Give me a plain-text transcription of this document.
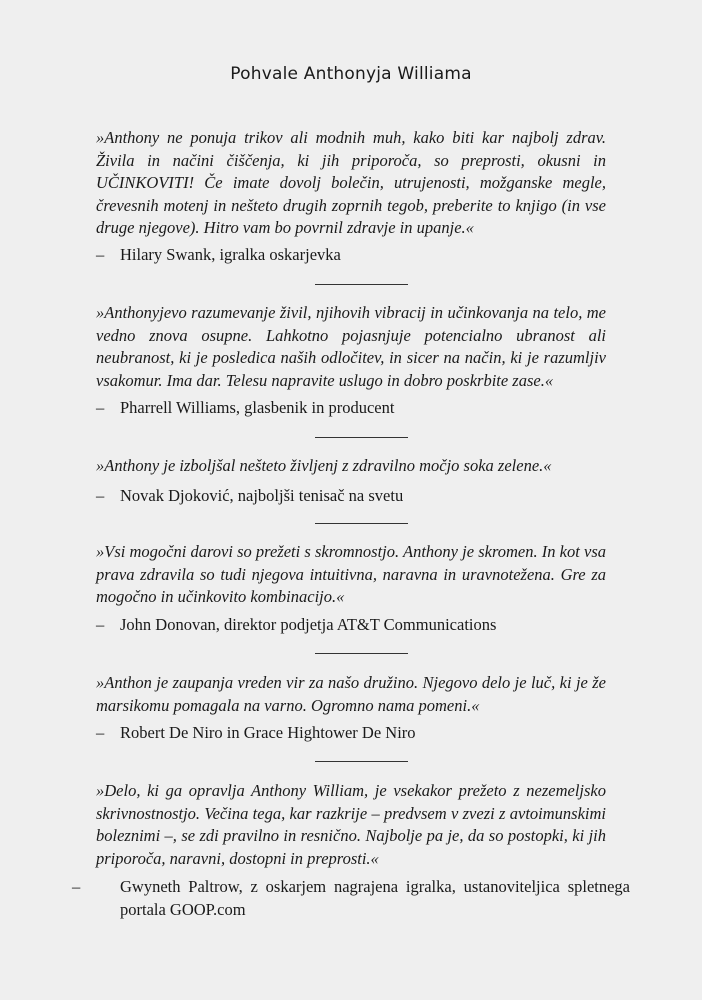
Pohvale Anthonyja Williama
»Anthony ne ponuja trikov ali modnih muh, kako biti kar najbolj zdrav. Živila in načini čiščenja, ki jih priporoča, so preprosti, okusni in UČINKOVITI! Če imate dovolj bolečin, utrujenosti, možganske megle, črevesnih motenj in nešteto drugih zoprnih tegob, preberite to knjigo (in vse druge njegove). Hitro vam bo povrnil zdravje in upanje.«
– Hilary Swank, igralka oskarjevka
»Anthonyjevo razumevanje živil, njihovih vibracij in učinkovanja na telo, me vedno znova osupne. Lahkotno pojasnjuje potencialno ubranost ali neubranost, ki je posledica naših odločitev, in sicer na način, ki je razumljiv vsakomur. Ima dar. Telesu napravite uslugo in dobro poskrbite zase.«
– Pharrell Williams, glasbenik in producent
»Anthony je izboljšal nešteto življenj z zdravilno močjo soka zelene.«
– Novak Djoković, najboljši tenisač na svetu
»Vsi mogočni darovi so prežeti s skromnostjo. Anthony je skromen. In kot vsa prava zdravila so tudi njegova intuitivna, naravna in uravnotežena. Gre za mogočno in učinkovito kombinacijo.«
– John Donovan, direktor podjetja AT&T Communications
»Anthon je zaupanja vreden vir za našo družino. Njegovo delo je luč, ki je že marsikomu pomagala na varno. Ogromno nama pomeni.«
– Robert De Niro in Grace Hightower De Niro
»Delo, ki ga opravlja Anthony William, je vsekakor prežeto z nezemeljsko skrivnostnostjo. Večina tega, kar razkrije – predvsem v zvezi z avtoimunskimi boleznimi –, se zdi pravilno in resnično. Najbolje pa je, da so postopki, ki jih priporoča, naravni, dostopni in preprosti.«
– Gwyneth Paltrow, z oskarjem nagrajena igralka, ustanoviteljica spletnega portala GOOP.com
